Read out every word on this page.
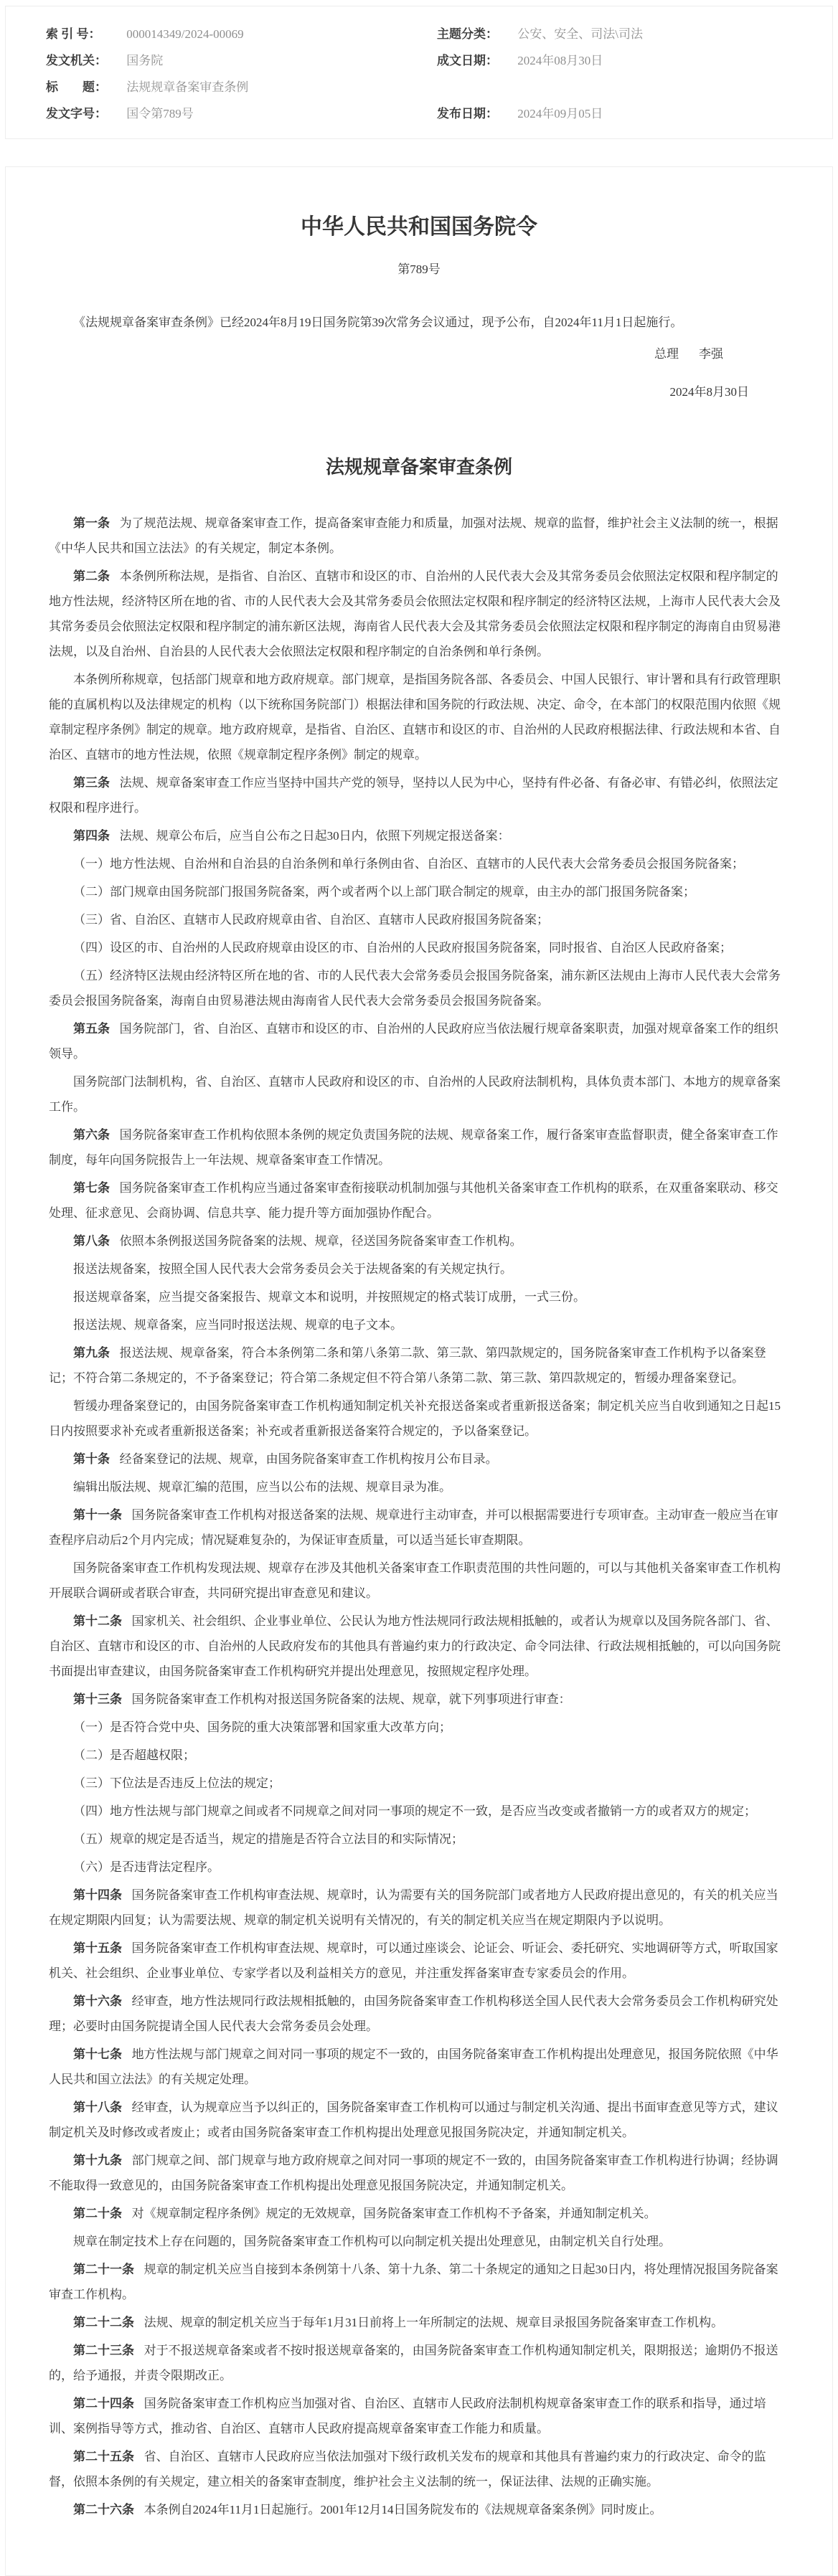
索 引 号： 000014349/2024-00069	主题分类： 公安、安全、司法\司法
发文机关： 国务院	成文日期： 2024年08月30日
标　　题： 法规规章备案审查条例
发文字号： 国令第789号	发布日期： 2024年09月05日
中华人民共和国国务院令
第789号

《法规规章备案审查条例》已经2024年8月19日国务院第39次常务会议通过，现予公布，自2024年11月1日起施行。

总理 李强
2024年8月30日
法规规章备案审查条例

第一条 为了规范法规、规章备案审查工作，提高备案审查能力和质量，加强对法规、规章的监督，维护社会主义法制的统一，根据《中华人民共和国立法法》的有关规定，制定本条例。

第二条 本条例所称法规，是指省、自治区、直辖市和设区的市、自治州的人民代表大会及其常务委员会依照法定权限和程序制定的地方性法规，经济特区所在地的省、市的人民代表大会及其常务委员会依照法定权限和程序制定的经济特区法规，上海市人民代表大会及其常务委员会依照法定权限和程序制定的浦东新区法规，海南省人民代表大会及其常务委员会依照法定权限和程序制定的海南自由贸易港法规，以及自治州、自治县的人民代表大会依照法定权限和程序制定的自治条例和单行条例。

本条例所称规章，包括部门规章和地方政府规章。部门规章，是指国务院各部、各委员会、中国人民银行、审计署和具有行政管理职能的直属机构以及法律规定的机构（以下统称国务院部门）根据法律和国务院的行政法规、决定、命令，在本部门的权限范围内依照《规章制定程序条例》制定的规章。地方政府规章，是指省、自治区、直辖市和设区的市、自治州的人民政府根据法律、行政法规和本省、自治区、直辖市的地方性法规，依照《规章制定程序条例》制定的规章。

第三条 法规、规章备案审查工作应当坚持中国共产党的领导，坚持以人民为中心，坚持有件必备、有备必审、有错必纠，依照法定权限和程序进行。

第四条 法规、规章公布后，应当自公布之日起30日内，依照下列规定报送备案：

（一）地方性法规、自治州和自治县的自治条例和单行条例由省、自治区、直辖市的人民代表大会常务委员会报国务院备案；

（二）部门规章由国务院部门报国务院备案，两个或者两个以上部门联合制定的规章，由主办的部门报国务院备案；

（三）省、自治区、直辖市人民政府规章由省、自治区、直辖市人民政府报国务院备案；

（四）设区的市、自治州的人民政府规章由设区的市、自治州的人民政府报国务院备案，同时报省、自治区人民政府备案；

（五）经济特区法规由经济特区所在地的省、市的人民代表大会常务委员会报国务院备案，浦东新区法规由上海市人民代表大会常务委员会报国务院备案，海南自由贸易港法规由海南省人民代表大会常务委员会报国务院备案。

第五条 国务院部门，省、自治区、直辖市和设区的市、自治州的人民政府应当依法履行规章备案职责，加强对规章备案工作的组织领导。

国务院部门法制机构，省、自治区、直辖市人民政府和设区的市、自治州的人民政府法制机构，具体负责本部门、本地方的规章备案工作。

第六条 国务院备案审查工作机构依照本条例的规定负责国务院的法规、规章备案工作，履行备案审查监督职责，健全备案审查工作制度，每年向国务院报告上一年法规、规章备案审查工作情况。

第七条 国务院备案审查工作机构应当通过备案审查衔接联动机制加强与其他机关备案审查工作机构的联系，在双重备案联动、移交处理、征求意见、会商协调、信息共享、能力提升等方面加强协作配合。

第八条 依照本条例报送国务院备案的法规、规章，径送国务院备案审查工作机构。

报送法规备案，按照全国人民代表大会常务委员会关于法规备案的有关规定执行。

报送规章备案，应当提交备案报告、规章文本和说明，并按照规定的格式装订成册，一式三份。

报送法规、规章备案，应当同时报送法规、规章的电子文本。

第九条 报送法规、规章备案，符合本条例第二条和第八条第二款、第三款、第四款规定的，国务院备案审查工作机构予以备案登记；不符合第二条规定的，不予备案登记；符合第二条规定但不符合第八条第二款、第三款、第四款规定的，暂缓办理备案登记。

暂缓办理备案登记的，由国务院备案审查工作机构通知制定机关补充报送备案或者重新报送备案；制定机关应当自收到通知之日起15日内按照要求补充或者重新报送备案；补充或者重新报送备案符合规定的，予以备案登记。

第十条 经备案登记的法规、规章，由国务院备案审查工作机构按月公布目录。

编辑出版法规、规章汇编的范围，应当以公布的法规、规章目录为准。

第十一条 国务院备案审查工作机构对报送备案的法规、规章进行主动审查，并可以根据需要进行专项审查。主动审查一般应当在审查程序启动后2个月内完成；情况疑难复杂的，为保证审查质量，可以适当延长审查期限。

国务院备案审查工作机构发现法规、规章存在涉及其他机关备案审查工作职责范围的共性问题的，可以与其他机关备案审查工作机构开展联合调研或者联合审查，共同研究提出审查意见和建议。

第十二条 国家机关、社会组织、企业事业单位、公民认为地方性法规同行政法规相抵触的，或者认为规章以及国务院各部门、省、自治区、直辖市和设区的市、自治州的人民政府发布的其他具有普遍约束力的行政决定、命令同法律、行政法规相抵触的，可以向国务院书面提出审查建议，由国务院备案审查工作机构研究并提出处理意见，按照规定程序处理。

第十三条 国务院备案审查工作机构对报送国务院备案的法规、规章，就下列事项进行审查：

（一）是否符合党中央、国务院的重大决策部署和国家重大改革方向；

（二）是否超越权限；

（三）下位法是否违反上位法的规定；

（四）地方性法规与部门规章之间或者不同规章之间对同一事项的规定不一致，是否应当改变或者撤销一方的或者双方的规定；

（五）规章的规定是否适当，规定的措施是否符合立法目的和实际情况；

（六）是否违背法定程序。

第十四条 国务院备案审查工作机构审查法规、规章时，认为需要有关的国务院部门或者地方人民政府提出意见的，有关的机关应当在规定期限内回复；认为需要法规、规章的制定机关说明有关情况的，有关的制定机关应当在规定期限内予以说明。

第十五条 国务院备案审查工作机构审查法规、规章时，可以通过座谈会、论证会、听证会、委托研究、实地调研等方式，听取国家机关、社会组织、企业事业单位、专家学者以及利益相关方的意见，并注重发挥备案审查专家委员会的作用。

第十六条 经审查，地方性法规同行政法规相抵触的，由国务院备案审查工作机构移送全国人民代表大会常务委员会工作机构研究处理；必要时由国务院提请全国人民代表大会常务委员会处理。

第十七条 地方性法规与部门规章之间对同一事项的规定不一致的，由国务院备案审查工作机构提出处理意见，报国务院依照《中华人民共和国立法法》的有关规定处理。

第十八条 经审查，认为规章应当予以纠正的，国务院备案审查工作机构可以通过与制定机关沟通、提出书面审查意见等方式，建议制定机关及时修改或者废止；或者由国务院备案审查工作机构提出处理意见报国务院决定，并通知制定机关。

第十九条 部门规章之间、部门规章与地方政府规章之间对同一事项的规定不一致的，由国务院备案审查工作机构进行协调；经协调不能取得一致意见的，由国务院备案审查工作机构提出处理意见报国务院决定，并通知制定机关。

第二十条 对《规章制定程序条例》规定的无效规章，国务院备案审查工作机构不予备案，并通知制定机关。

规章在制定技术上存在问题的，国务院备案审查工作机构可以向制定机关提出处理意见，由制定机关自行处理。

第二十一条 规章的制定机关应当自接到本条例第十八条、第十九条、第二十条规定的通知之日起30日内，将处理情况报国务院备案审查工作机构。

第二十二条 法规、规章的制定机关应当于每年1月31日前将上一年所制定的法规、规章目录报国务院备案审查工作机构。

第二十三条 对于不报送规章备案或者不按时报送规章备案的，由国务院备案审查工作机构通知制定机关，限期报送；逾期仍不报送的，给予通报，并责令限期改正。

第二十四条 国务院备案审查工作机构应当加强对省、自治区、直辖市人民政府法制机构规章备案审查工作的联系和指导，通过培训、案例指导等方式，推动省、自治区、直辖市人民政府提高规章备案审查工作能力和质量。

第二十五条 省、自治区、直辖市人民政府应当依法加强对下级行政机关发布的规章和其他具有普遍约束力的行政决定、命令的监督，依照本条例的有关规定，建立相关的备案审查制度，维护社会主义法制的统一，保证法律、法规的正确实施。

第二十六条 本条例自2024年11月1日起施行。2001年12月14日国务院发布的《法规规章备案条例》同时废止。
